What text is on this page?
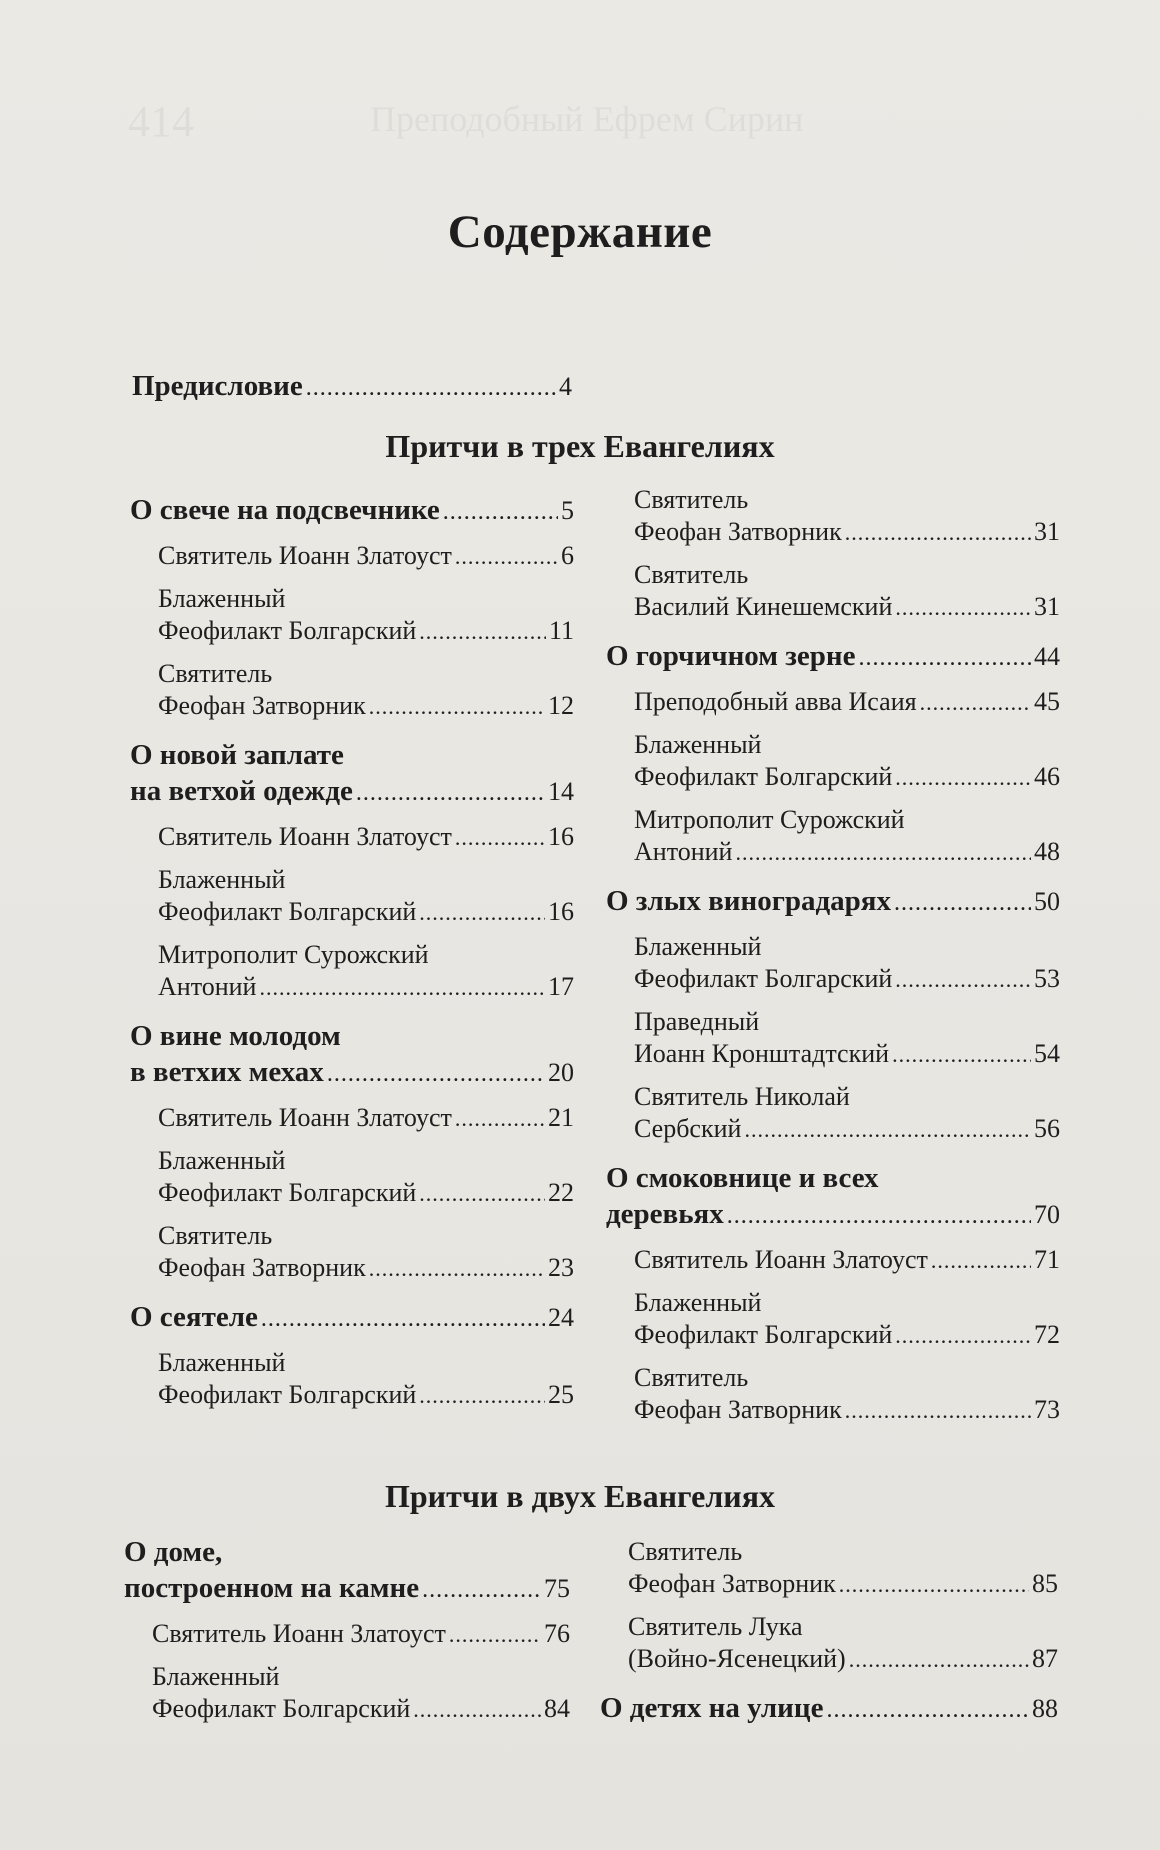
414	Преподобный Ефрем Сирин
Содержание
Предисловие .....	4
Притчи в трех Евангелиях
О свече на подсвечнике .....	5
Святитель Иоанн Златоуст .....	6
Блаженный
Феофилакт Болгарский .....	11
Святитель
Феофан Затворник .....	12
О новой заплате
на ветхой одежде .....	14
Святитель Иоанн Златоуст .....	16
Блаженный
Феофилакт Болгарский .....	16
Митрополит Сурожский
Антоний .....	17
О вине молодом
в ветхих мехах .....	20
Святитель Иоанн Златоуст .....	21
Блаженный
Феофилакт Болгарский .....	22
Святитель
Феофан Затворник .....	23
О сеятеле .....	24
Блаженный
Феофилакт Болгарский .....	25
Святитель
Феофан Затворник .....	31
Святитель
Василий Кинешемский .....	31
О горчичном зерне .....	44
Преподобный авва Исаия .....	45
Блаженный
Феофилакт Болгарский .....	46
Митрополит Сурожский
Антоний .....	48
О злых виноградарях .....	50
Блаженный
Феофилакт Болгарский .....	53
Праведный
Иоанн Кронштадтский .....	54
Святитель Николай
Сербский .....	56
О смоковнице и всех
деревьях .....	70
Святитель Иоанн Златоуст .....	71
Блаженный
Феофилакт Болгарский .....	72
Святитель
Феофан Затворник .....	73
Притчи в двух Евангелиях
О доме,
построенном на камне .....	75
Святитель Иоанн Златоуст .....	76
Блаженный
Феофилакт Болгарский .....	84
Святитель
Феофан Затворник .....	85
Святитель Лука
(Войно-Ясенецкий) .....	87
О детях на улице .....	88
